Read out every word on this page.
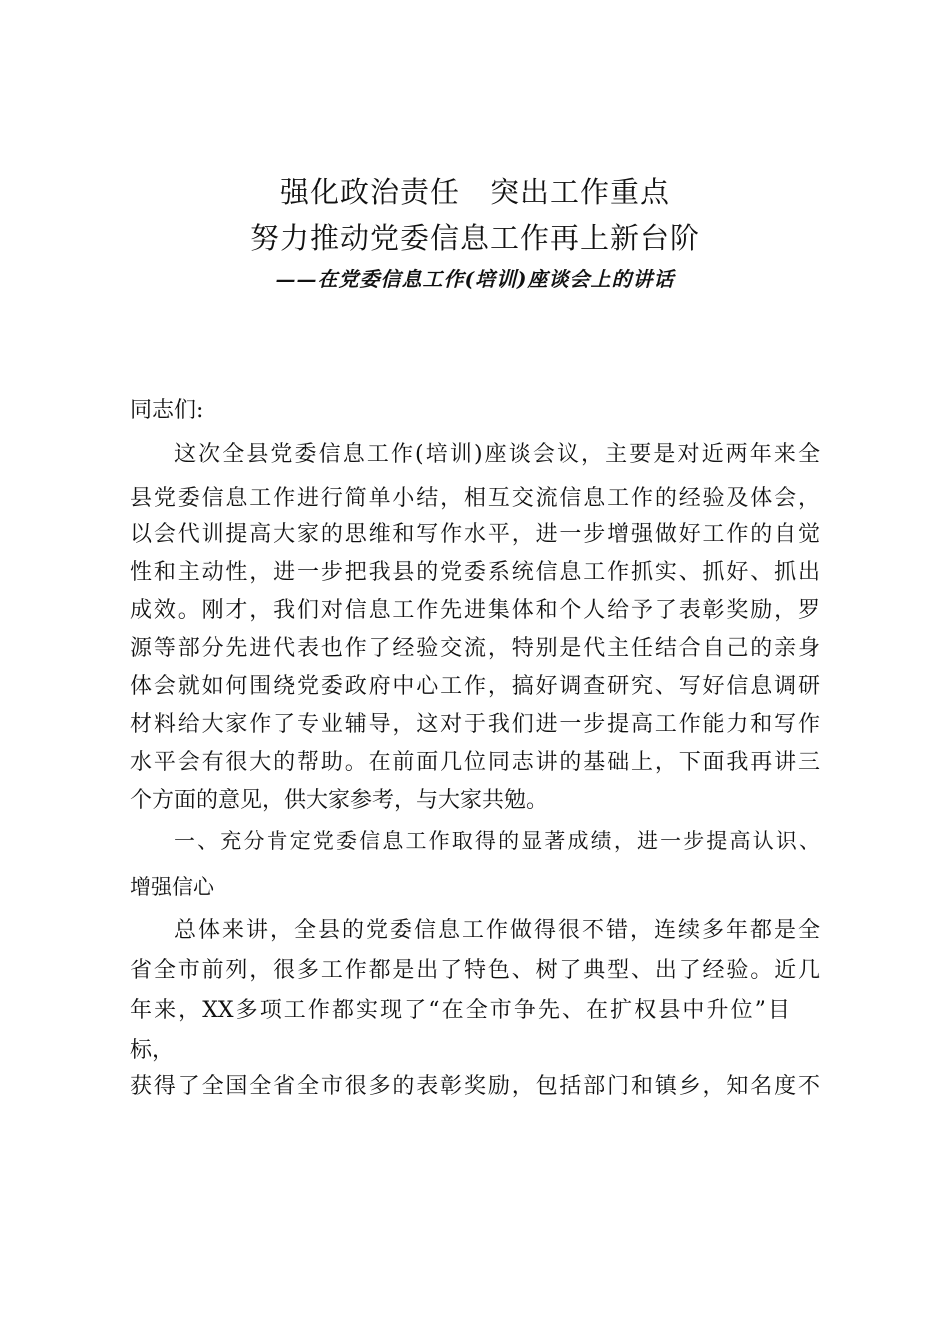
强化政治责任　突出工作重点
努力推动党委信息工作再上新台阶
——在党委信息工作(培训)座谈会上的讲话
同志们:
这次全县党委信息工作(培训)座谈会议，主要是对近两年来全
县党委信息工作进行简单小结，相互交流信息工作的经验及体会，
以会代训提高大家的思维和写作水平，进一步增强做好工作的自觉
性和主动性，进一步把我县的党委系统信息工作抓实、抓好、抓出
成效。刚才，我们对信息工作先进集体和个人给予了表彰奖励，罗
源等部分先进代表也作了经验交流，特别是代主任结合自己的亲身
体会就如何围绕党委政府中心工作，搞好调查研究、写好信息调研
材料给大家作了专业辅导，这对于我们进一步提高工作能力和写作
水平会有很大的帮助。在前面几位同志讲的基础上，下面我再讲三
个方面的意见，供大家参考，与大家共勉。
一、充分肯定党委信息工作取得的显著成绩，进一步提高认识、
增强信心
总体来讲，全县的党委信息工作做得很不错，连续多年都是全
省全市前列，很多工作都是出了特色、树了典型、出了经验。近几
年来，XX多项工作都实现了“在全市争先、在扩权县中升位”目
标，
获得了全国全省全市很多的表彰奖励，包括部门和镇乡，知名度不
